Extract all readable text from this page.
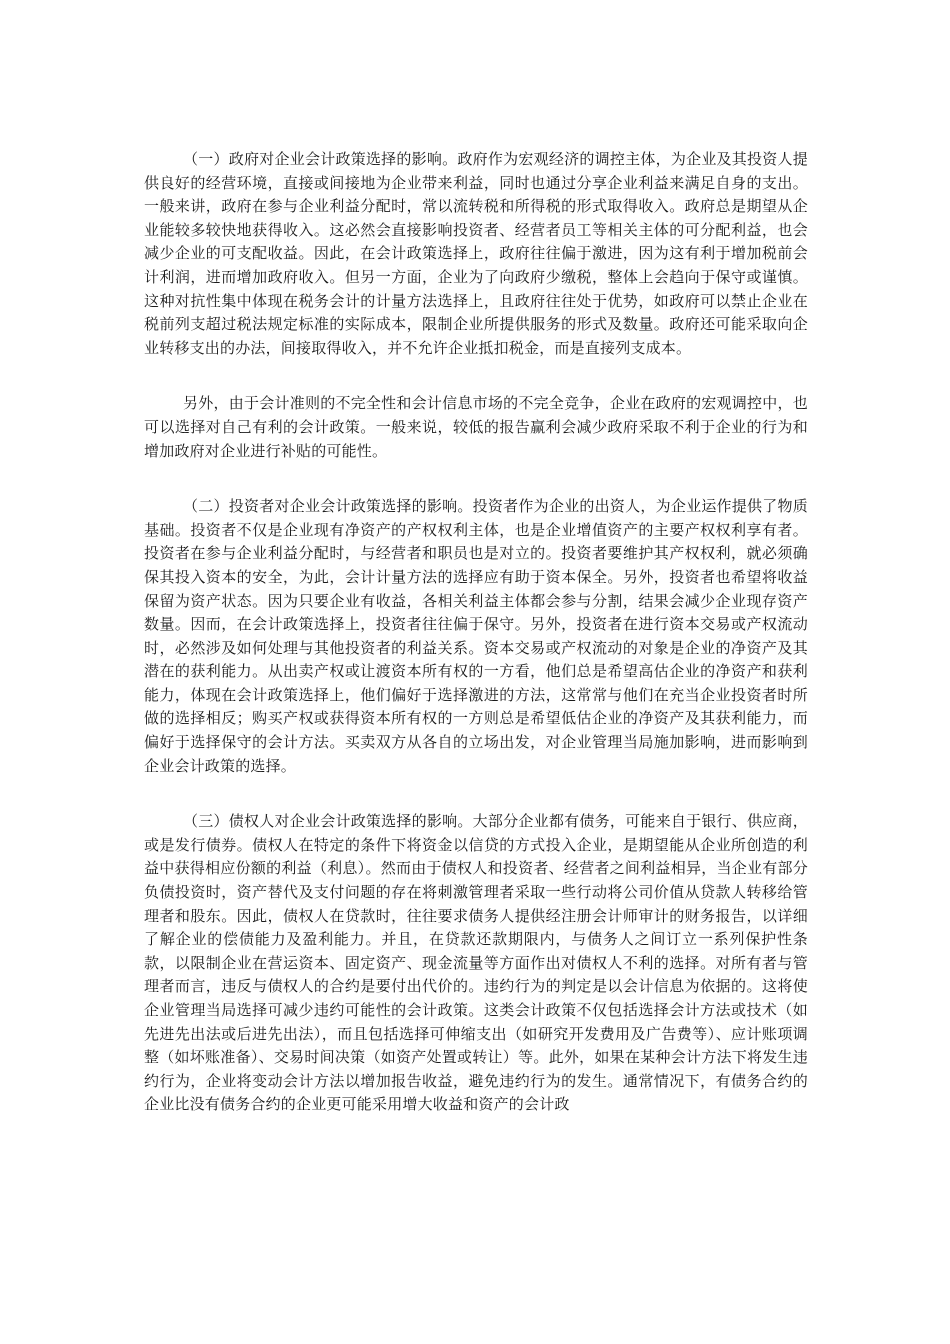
（一）政府对企业会计政策选择的影响。政府作为宏观经济的调控主体，为企业及其投资人提供良好的经营环境，直接或间接地为企业带来利益，同时也通过分享企业利益来满足自身的支出。一般来讲，政府在参与企业利益分配时，常以流转税和所得税的形式取得收入。政府总是期望从企业能较多较快地获得收入。这必然会直接影响投资者、经营者员工等相关主体的可分配利益，也会减少企业的可支配收益。因此，在会计政策选择上，政府往往偏于激进，因为这有利于增加税前会计利润，进而增加政府收入。但另一方面，企业为了向政府少缴税，整体上会趋向于保守或谨慎。这种对抗性集中体现在税务会计的计量方法选择上，且政府往往处于优势，如政府可以禁止企业在税前列支超过税法规定标准的实际成本，限制企业所提供服务的形式及数量。政府还可能采取向企业转移支出的办法，间接取得收入，并不允许企业抵扣税金，而是直接列支成本。

另外，由于会计准则的不完全性和会计信息市场的不完全竞争，企业在政府的宏观调控中，也可以选择对自己有利的会计政策。一般来说，较低的报告赢利会减少政府采取不利于企业的行为和增加政府对企业进行补贴的可能性。

（二）投资者对企业会计政策选择的影响。投资者作为企业的出资人，为企业运作提供了物质基础。投资者不仅是企业现有净资产的产权权利主体，也是企业增值资产的主要产权权利享有者。投资者在参与企业利益分配时，与经营者和职员也是对立的。投资者要维护其产权权利，就必须确保其投入资本的安全，为此，会计计量方法的选择应有助于资本保全。另外，投资者也希望将收益保留为资产状态。因为只要企业有收益，各相关利益主体都会参与分割，结果会减少企业现存资产数量。因而，在会计政策选择上，投资者往往偏于保守。另外，投资者在进行资本交易或产权流动时，必然涉及如何处理与其他投资者的利益关系。资本交易或产权流动的对象是企业的净资产及其潜在的获利能力。从出卖产权或让渡资本所有权的一方看，他们总是希望高估企业的净资产和获利能力，体现在会计政策选择上，他们偏好于选择激进的方法，这常常与他们在充当企业投资者时所做的选择相反；购买产权或获得资本所有权的一方则总是希望低估企业的净资产及其获利能力，而偏好于选择保守的会计方法。买卖双方从各自的立场出发，对企业管理当局施加影响，进而影响到企业会计政策的选择。

（三）债权人对企业会计政策选择的影响。大部分企业都有债务，可能来自于银行、供应商，或是发行债券。债权人在特定的条件下将资金以信贷的方式投入企业，是期望能从企业所创造的利益中获得相应份额的利益（利息）。然而由于债权人和投资者、经营者之间利益相异，当企业有部分负债投资时，资产替代及支付问题的存在将刺激管理者采取一些行动将公司价值从贷款人转移给管理者和股东。因此，债权人在贷款时，往往要求债务人提供经注册会计师审计的财务报告，以详细了解企业的偿债能力及盈利能力。并且，在贷款还款期限内，与债务人之间订立一系列保护性条款，以限制企业在营运资本、固定资产、现金流量等方面作出对债权人不利的选择。对所有者与管理者而言，违反与债权人的合约是要付出代价的。违约行为的判定是以会计信息为依据的。这将使企业管理当局选择可减少违约可能性的会计政策。这类会计政策不仅包括选择会计方法或技术（如先进先出法或后进先出法），而且包括选择可伸缩支出（如研究开发费用及广告费等）、应计账项调整（如坏账准备）、交易时间决策（如资产处置或转让）等。此外，如果在某种会计方法下将发生违约行为，企业将变动会计方法以增加报告收益，避免违约行为的发生。通常情况下，有债务合约的企业比没有债务合约的企业更可能采用增大收益和资产的会计政
